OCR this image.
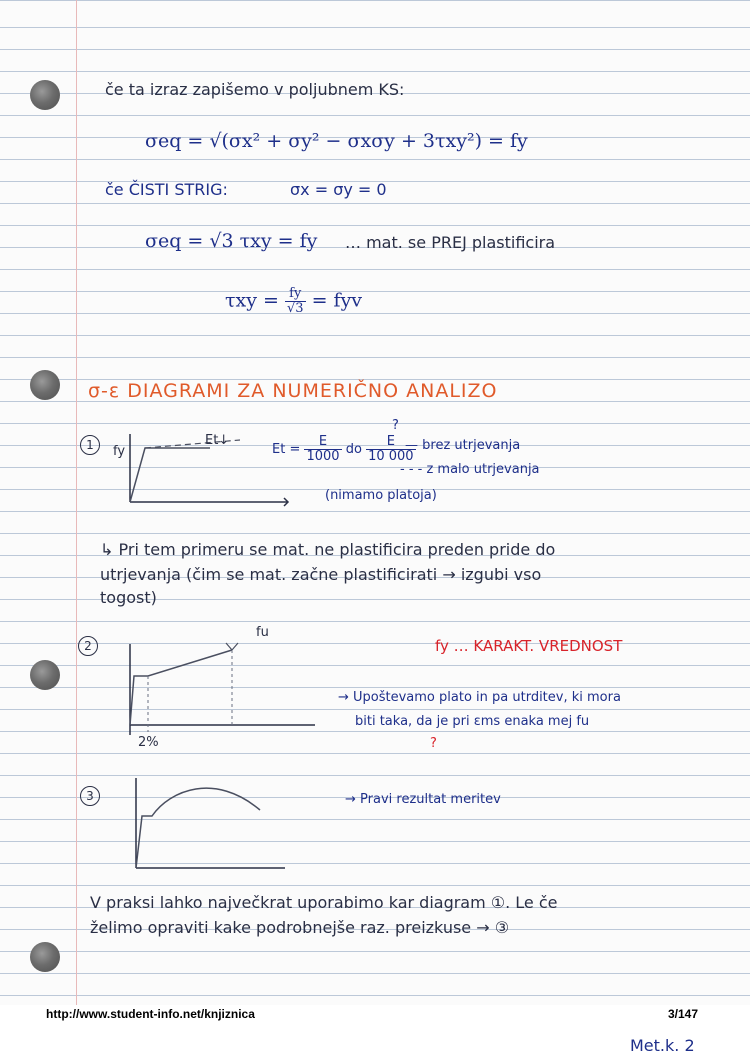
če ta izraz zapišemo v poljubnem KS:
σeq = √(σx² + σy² − σxσy + 3τxy²) = fy
če ČISTI STRIG:	σx = σy = 0
σeq = √3 τxy = fy … mat. se PREJ plastificira
$\tau xy = \frac{fy}{√3}$ = fyv
σ-ε DIAGRAMI ZA NUMERIČNO ANALIZO
1	fy
Et↓
$Et = \frac{E}{1000}$ do $\frac{E}{10 000}$
?
— brez utrjevanja
- - - z malo utrjevanja
(nimamo platoja)
↳ Pri tem primeru se mat. ne plastificira preden pride do
utrjevanja (čim se mat. začne plastificirati → izgubi vso
togost)
2
fu
2%
fy … KARAKT. VREDNOST
→ Upoštevamo plato in pa utrditev, ki mora
biti taka, da je pri εms enaka mej fu
?
3	→ Pravi rezultat meritev
V praksi lahko največkrat uporabimo kar diagram ①. Le če
želimo opraviti kake podrobnejše raz. preizkuse → ③
http://www.student-info.net/knjiznica	3/147
Met.k. 2
